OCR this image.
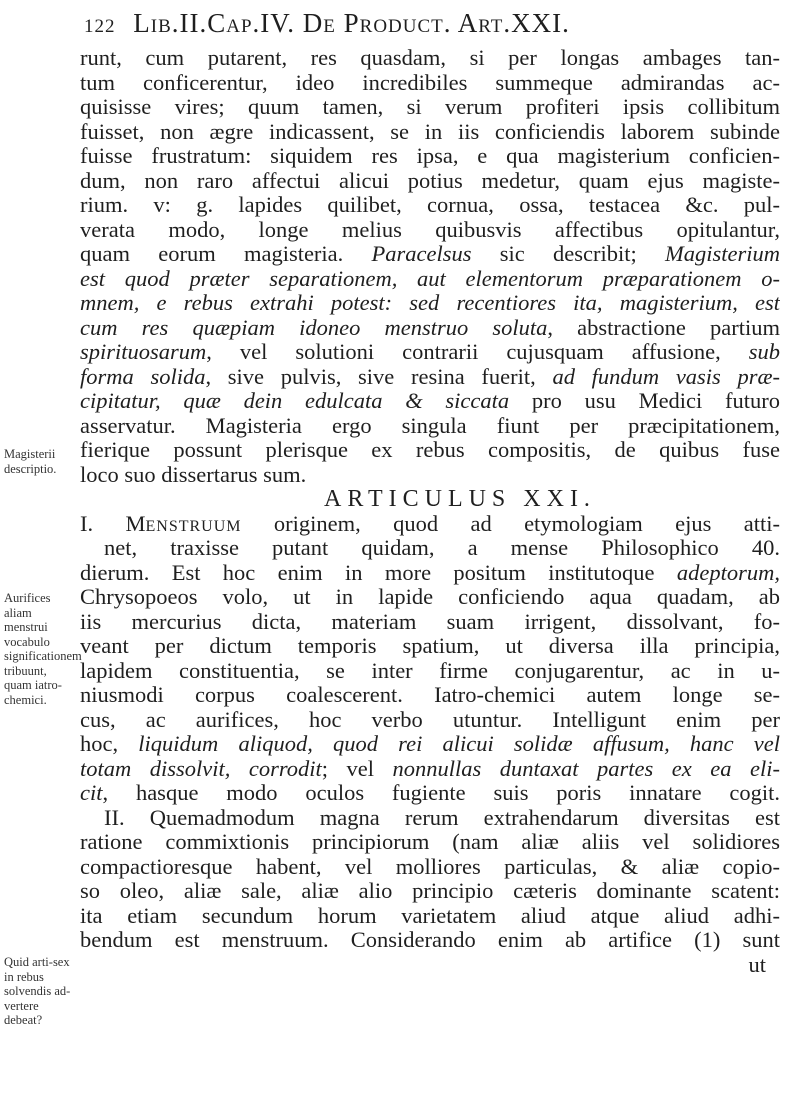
122 Lib.II.Cap.IV. De Product. Art.XXI.
Magisterii descriptio.
Aurifices aliam menstrui vocabulo significationem tribuunt, quam iatro-chemici.
Quid arti-sex in rebus solvendis ad-vertere debeat?
runt, cum putarent, res quasdam, si per longas ambages tan-
tum conficerentur, ideo incredibiles summeque admirandas ac-
quisisse vires; quum tamen, si verum profiteri ipsis collibitum
fuisset, non ægre indicassent, se in iis conficiendis laborem subinde
fuisse frustratum: siquidem res ipsa, e qua magisterium conficien-
dum, non raro affectui alicui potius medetur, quam ejus magiste-
rium. v: g. lapides quilibet, cornua, ossa, testacea &c. pul-
verata modo, longe melius quibusvis affectibus opitulantur,
quam eorum magisteria. Paracelsus sic describit; Magisterium
est quod præter separationem, aut elementorum præparationem o-
mnem, e rebus extrahi potest: sed recentiores ita, magisterium, est
cum res quæpiam idoneo menstruo soluta, abstractione partium
spirituosarum, vel solutioni contrarii cujusquam affusione, sub
forma solida, sive pulvis, sive resina fuerit, ad fundum vasis præ-
cipitatur, quæ dein edulcata & siccata pro usu Medici futuro
asservatur. Magisteria ergo singula fiunt per præcipitationem,
fierique possunt plerisque ex rebus compositis, de quibus fuse
loco suo dissertarus sum.
ARTICULUS XXI.
I. Menstruum originem, quod ad etymologiam ejus atti-
net, traxisse putant quidam, a mense Philosophico 40.
dierum. Est hoc enim in more positum institutoque adeptorum,
Chrysopoeos volo, ut in lapide conficiendo aqua quadam, ab
iis mercurius dicta, materiam suam irrigent, dissolvant, fo-
veant per dictum temporis spatium, ut diversa illa principia,
lapidem constituentia, se inter firme conjugarentur, ac in u-
niusmodi corpus coalescerent. Iatro-chemici autem longe se-
cus, ac aurifices, hoc verbo utuntur. Intelligunt enim per
hoc, liquidum aliquod, quod rei alicui solidæ affusum, hanc vel
totam dissolvit, corrodit; vel nonnullas duntaxat partes ex ea eli-
cit, hasque modo oculos fugiente suis poris innatare cogit.
II. Quemadmodum magna rerum extrahendarum diversitas est
ratione commixtionis principiorum (nam aliæ aliis vel solidiores
compactioresque habent, vel molliores particulas, & aliæ copio-
so oleo, aliæ sale, aliæ alio principio cæteris dominante scatent:
ita etiam secundum horum varietatem aliud atque aliud adhi-
bendum est menstruum. Considerando enim ab artifice (1) sunt
ut
